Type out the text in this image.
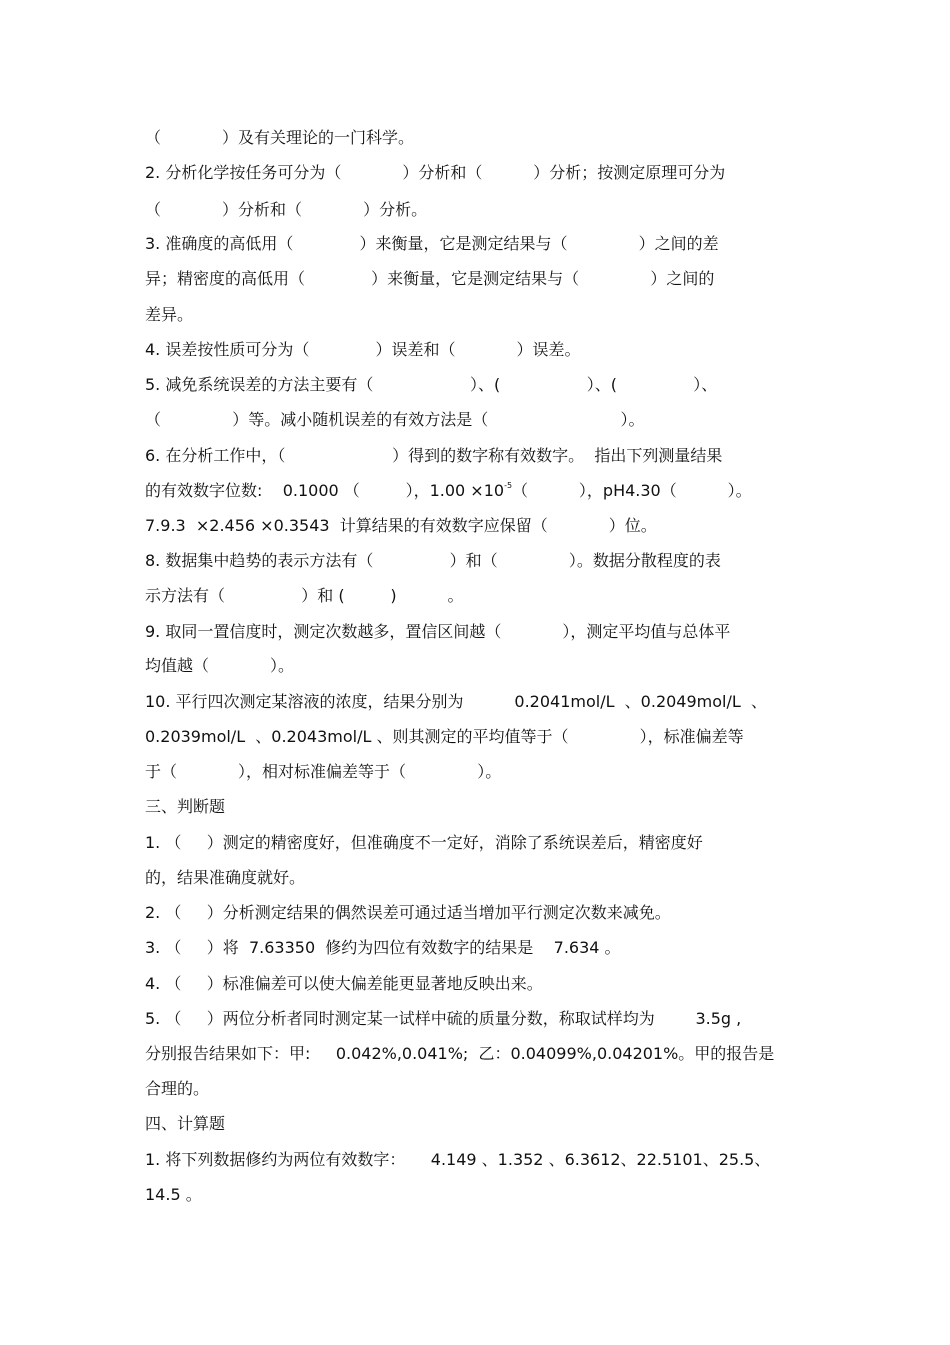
（            ）及有关理论的一门科学。
2. 分析化学按任务可分为（            ）分析和（          ）分析；按测定原理可分为
（            ）分析和（            ）分析。
3. 准确度的高低用（             ）来衡量，它是测定结果与（              ）之间的差
异；精密度的高低用（             ）来衡量，它是测定结果与（              ）之间的
差异。
4. 误差按性质可分为（             ）误差和（            ）误差。
5. 减免系统误差的方法主要有（                   ）、(                 ）、(               ）、
（              ）等。减小随机误差的有效方法是（                          ）。
6. 在分析工作中，（                     ）得到的数字称有效数字。  指出下列测量结果
的有效数字位数:    0.1000 （         ），$1.00 \times 10^{-5}$（          ），pH4.30（          ）。
7.9.3  ×2.456 ×0.3543  计算结果的有效数字应保留（            ）位。
8. 数据集中趋势的表示方法有（               ）和（              ）。数据分散程度的表
示方法有（               ）和 (         )          。
9. 取同一置信度时，测定次数越多，置信区间越（            ），测定平均值与总体平
均值越（            ）。
10. 平行四次测定某溶液的浓度，结果分别为          0.2041mol/L  、0.2049mol/L  、
0.2039mol/L  、0.2043mol/L 、则其测定的平均值等于（              ），标准偏差等
于（            ），相对标准偏差等于（              ）。
三、判断题
1. （     ）测定的精密度好，但准确度不一定好，消除了系统误差后，精密度好
的，结果准确度就好。
2. （     ）分析测定结果的偶然误差可通过适当增加平行测定次数来减免。
3. （     ）将  7.63350  修约为四位有效数字的结果是    7.634 。
4. （     ）标准偏差可以使大偏差能更显著地反映出来。
5. （     ）两位分析者同时测定某一试样中硫的质量分数，称取试样均为        3.5g ,
分别报告结果如下：甲:     0.042%,0.041%;  乙：0.04099%,0.04201%。甲的报告是
合理的。
四、计算题
1. 将下列数据修约为两位有效数字：     4.149 、1.352 、6.3612、22.5101、25.5、
14.5 。
